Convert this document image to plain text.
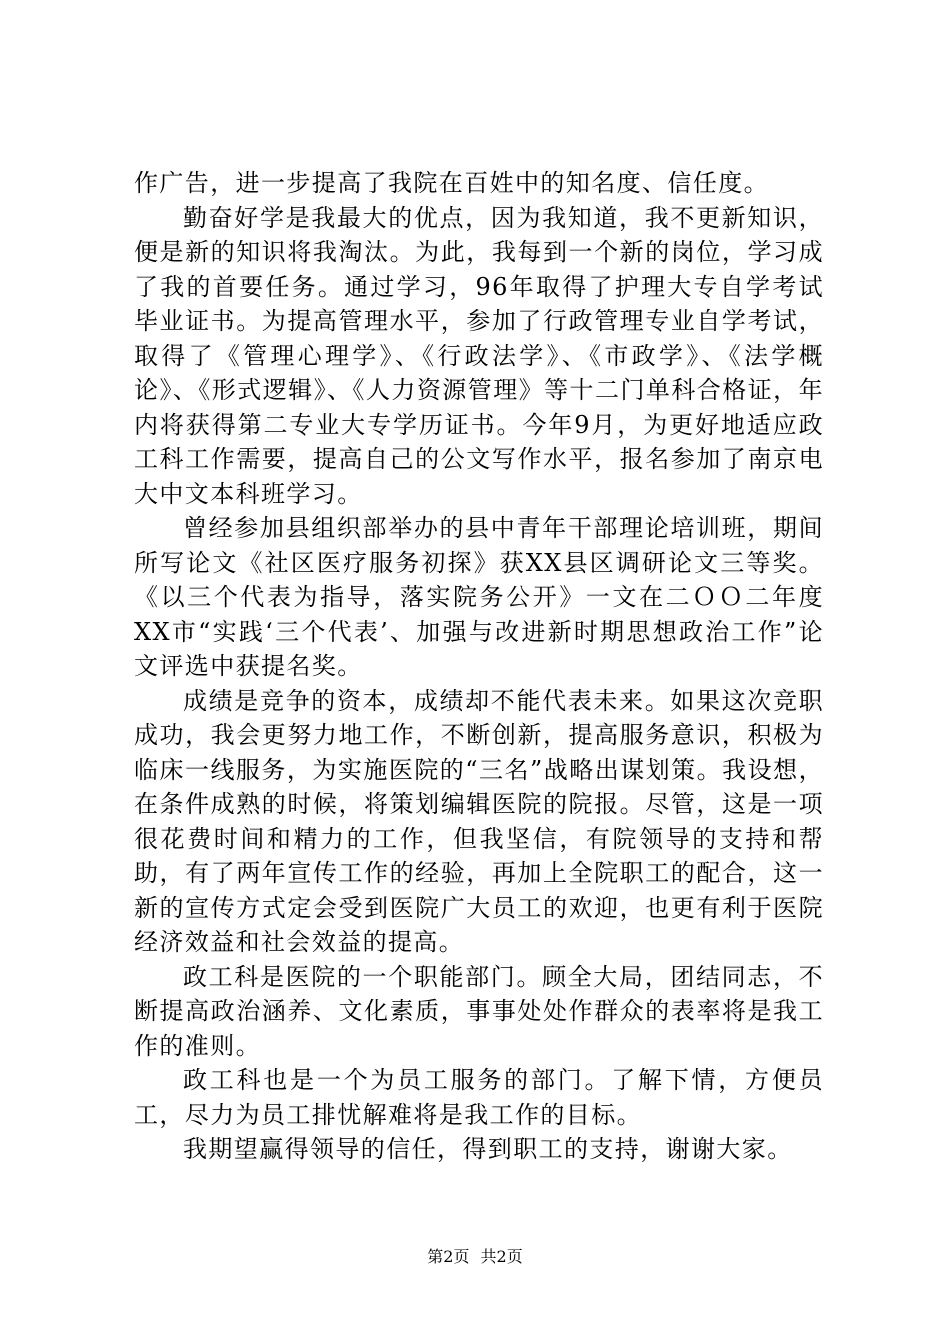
作广告，进一步提高了我院在百姓中的知名度、信任度。

勤奋好学是我最大的优点，因为我知道，我不更新知识，便是新的知识将我淘汰。为此，我每到一个新的岗位，学习成了我的首要任务。通过学习，96年取得了护理大专自学考试毕业证书。为提高管理水平，参加了行政管理专业自学考试，取得了《管理心理学》、《行政法学》、《市政学》、《法学概论》、《形式逻辑》、《人力资源管理》等十二门单科合格证，年内将获得第二专业大专学历证书。今年9月，为更好地适应政工科工作需要，提高自己的公文写作水平，报名参加了南京电大中文本科班学习。

曾经参加县组织部举办的县中青年干部理论培训班，期间所写论文《社区医疗服务初探》获XX县区调研论文三等奖。《以三个代表为指导，落实院务公开》一文在二ＯＯ二年度XX市“实践‘三个代表’、加强与改进新时期思想政治工作”论文评选中获提名奖。

成绩是竞争的资本，成绩却不能代表未来。如果这次竞职成功，我会更努力地工作，不断创新，提高服务意识，积极为临床一线服务，为实施医院的“三名”战略出谋划策。我设想，在条件成熟的时候，将策划编辑医院的院报。尽管，这是一项很花费时间和精力的工作，但我坚信，有院领导的支持和帮助，有了两年宣传工作的经验，再加上全院职工的配合，这一新的宣传方式定会受到医院广大员工的欢迎，也更有利于医院经济效益和社会效益的提高。

政工科是医院的一个职能部门。顾全大局，团结同志，不断提高政治涵养、文化素质，事事处处作群众的表率将是我工作的准则。

政工科也是一个为员工服务的部门。了解下情，方便员工，尽力为员工排忧解难将是我工作的目标。

我期望赢得领导的信任，得到职工的支持，谢谢大家。

第2页 共2页
